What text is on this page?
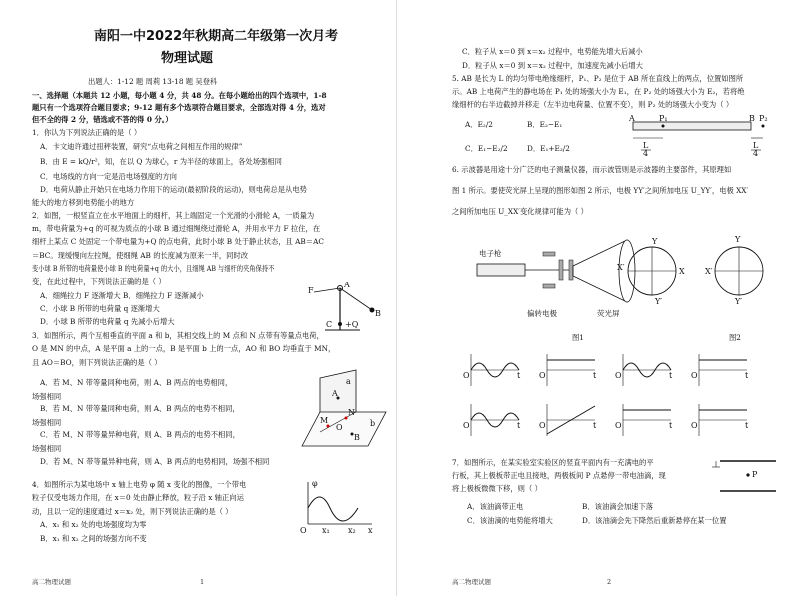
南阳一中2022年秋期高二年级第一次月考
物理试题
出题人：1-12 题 周莉 13-18 题 吴登科
一、选择题（本题共 12 小题，每小题 4 分，共 48 分。在每小题给出的四个选项中，1-8
题只有一个选项符合题目要求；9-12 题有多个选项符合题目要求，全部选对得 4 分，选对
但不全的得 2 分，错选或不答的得 0 分。）
1．你认为下列说法正确的是（ ）
A．卡文迪许通过扭秤装置，研究“点电荷之间相互作用的规律”
B．由 E = kQ/r²，知，在以 Q 为球心，r 为半径的球面上，各处场强相同
C．电场线的方向一定是沿电场强度的方向
D．电荷从静止开始只在电场力作用下的运动(最初阶段的运动)，则电荷总是从电势
能大的地方移到电势能小的地方
2．如图，一根竖直立在水平地面上的细杆，其上端固定一个光滑的小滑轮 A，一质量为
m，带电荷量为+q 的可视为质点的小球 B 通过细绳绕过滑轮 A，并用水平力 F 拉住，在
细杆上某点 C 处固定一个带电量为+Q 的点电荷，此时小球 B 处于静止状态，且 AB＝AC
＝BC。现缓慢向左拉绳，使细绳 AB 的长度减为原来一半，同时改
变小球 B 所带的电荷量使小球 B 的电荷量+q 的大小，且细绳 AB 与细杆的夹角保持不
变，在此过程中，下列说法正确的是（ ）
A．细绳拉力 F 逐渐增大 B．细绳拉力 F 逐渐减小
C．小球 B 所带的电荷量 q 逐渐增大
D．小球 B 所带的电荷量 q 先减小后增大
F
A
B
C +Q
3．如图所示，两个互相垂直的平面 a 和 b，其相交线上的 M 点和 N 点带有等量点电荷，
O 是 MN 的中点，A 是平面 a 上的一点，B 是平面 b 上的一点，AO 和 BO 均垂直于 MN，
且 AO＝BO，则下列说法正确的是（ ）
A．若 M、N 带等量同种电荷，则 A、B 两点的电势相同，
场强相同
B．若 M、N 带等量同种电荷，则 A、B 两点的电势不相同，
场强相同
C．若 M、N 带等量异种电荷，则 A、B 两点的电势不相同，
场强相同
D．若 M、N 带等量异种电荷，则 A、B 两点的电势相同，场强不相同
A
B
M
N
O
a
b
4．如图所示为某电场中 x 轴上电势 φ 随 x 变化的图像，一个带电
粒子仅受电场力作用，在 x＝0 处由静止释放，粒子沿 x 轴正向运
动，且以一定的速度通过 x＝x₂ 处，则下列说法正确的是（ ）
A．x₁ 和 x₂ 处的电场强度均为零
B．x₁ 和 x₂ 之间的场强方向不变
φ
O x₁ x₂ x
高二物理试题	1
C．粒子从 x＝0 到 x＝x₂ 过程中，电势能先增大后减小
D．粒子从 x＝0 到 x＝x₂ 过程中，加速度先减小后增大
5. AB 是长为 L 的均匀带电绝缘细杆，P₁、P₂ 是位于 AB 所在直线上的两点，位置如图所
示。AB 上电荷产生的静电场在 P₁ 处的场强大小为 E₁，在 P₂ 处的场强大小为 E₂，若将绝
缘细杆的右半边截掉并移走（左半边电荷量、位置不变），则 P₂ 处的场强大小变为（ ）
A．E₂/2	B．E₂−E₁
C．E₁−E₂/2	D．E₁+E₂/2
A	B
P₁	P₂
L
4
L
4
6. 示波器是用途十分广泛的电子测量仪器，而示波管则是示波器的主要部件，其原理如
图 1 所示。要使荧光屏上呈现的图形如图 2 所示，电极 YY′之间所加电压 U_YY′，电极 XX′
之间所加电压 U_XX′变化规律可能为（ ）
Y
Y′
X′	X
电子枪
偏转电极	荧光屏
Y
X′
Y′
图1	图2
O	t O	t O	t O	t
O	t O	t O	t O	t
7．如图所示，在某实验室实验区的竖直平面内有一充满电的平
行板，其上极板带正电且接地，两极板间 P 点悬停一带电油滴，现
将上极板微微下移，则（ ）
A．该油滴带正电	B．该油滴会加速下落
C．该油滴的电势能将增大	D．该油滴会先下降然后重新悬停在某一位置
P
高二物理试题	2
